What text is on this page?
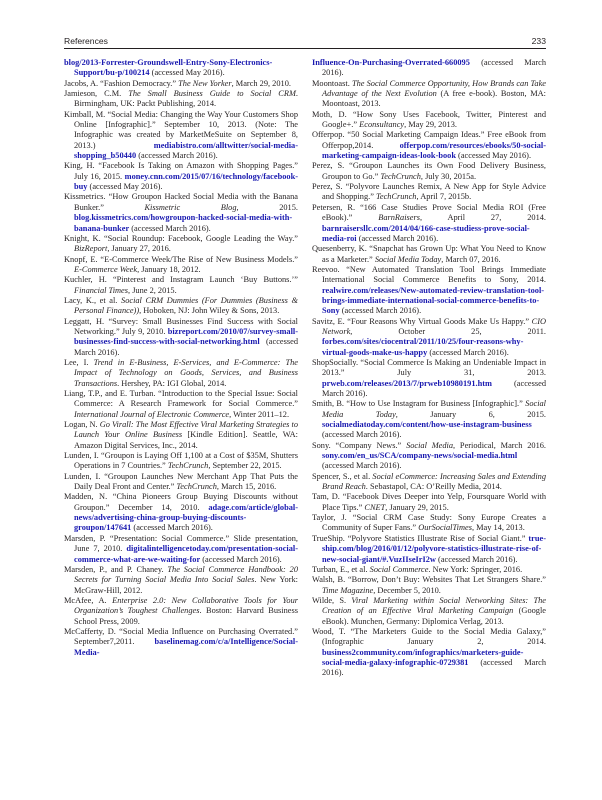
References	233

blog/2013-Forrester-Groundswell-Entry-Sony-Electronics-Support/bu-p/100214 (accessed May 2016).

Jacobs, A. “Fashion Democracy.” The New Yorker, March 29, 2010.

Jamieson, C.M. The Small Business Guide to Social CRM. Birmingham, UK: Packt Publishing, 2014.

Kimball, M. “Social Media: Changing the Way Your Customers Shop Online [Infographic].” September 10, 2013. (Note: The Infographic was created by MarketMeSuite on September 8, 2013.) mediabistro.com/alltwitter/social-media-shopping_b50440 (accessed March 2016).

King, H. “Facebook Is Taking on Amazon with Shopping Pages.” July 16, 2015. money.cnn.com/2015/07/16/technology/facebook-buy (accessed May 2016).

Kissmetrics. “How Groupon Hacked Social Media with the Banana Bunker.” Kissmetric Blog, 2015. blog.kissmetrics.com/howgroupon-hacked-social-media-with-banana-bunker (accessed March 2016).

Knight, K. “Social Roundup: Facebook, Google Leading the Way.” BizReport, January 27, 2016.

Knopf, E. “E-Commerce Week/The Rise of New Business Models.” E-Commerce Week, January 18, 2012.

Kuchler, H. “Pinterest and Instagram Launch ‘Buy Buttons.’” Financial Times, June 2, 2015.

Lacy, K., et al. Social CRM Dummies (For Dummies (Business & Personal Finance)), Hoboken, NJ: John Wiley & Sons, 2013.

Leggatt, H. “Survey: Small Businesses Find Success with Social Networking.” July 9, 2010. bizreport.com/2010/07/survey-small-businesses-find-success-with-social-networking.html (accessed March 2016).

Lee, I. Trend in E-Business, E-Services, and E-Commerce: The Impact of Technology on Goods, Services, and Business Transactions. Hershey, PA: IGI Global, 2014.

Liang, T.P., and E. Turban. “Introduction to the Special Issue: Social Commerce: A Research Framework for Social Commerce.” International Journal of Electronic Commerce, Winter 2011–12.

Logan, N. Go Virall: The Most Effective Viral Marketing Strategies to Launch Your Online Business [Kindle Edition]. Seattle, WA: Amazon Digital Services, Inc., 2014.

Lunden, I. “Groupon is Laying Off 1,100 at a Cost of $35M, Shutters Operations in 7 Countries.” TechCrunch, September 22, 2015.

Lunden, I. “Groupon Launches New Merchant App That Puts the Daily Deal Front and Center.” TechCrunch, March 15, 2016.

Madden, N. “China Pioneers Group Buying Discounts without Groupon.” December 14, 2010. adage.com/article/global-news/advertising-china-group-buying-discounts-groupon/147641 (accessed March 2016).

Marsden, P. “Presentation: Social Commerce.” Slide presentation, June 7, 2010. digitalintelligencetoday.com/presentation-social-commerce-what-are-we-waiting-for (accessed March 2016).

Marsden, P., and P. Chaney. The Social Commerce Handbook: 20 Secrets for Turning Social Media Into Social Sales. New York: McGraw-Hill, 2012.

McAfee, A. Enterprise 2.0: New Collaborative Tools for Your Organization’s Toughest Challenges. Boston: Harvard Business School Press, 2009.

McCafferty, D. “Social Media Influence on Purchasing Overrated.” September7,2011. baselinemag.com/c/a/Intelligence/Social-Media-

Influence-On-Purchasing-Overrated-660095 (accessed March 2016).

Moontoast. The Social Commerce Opportunity, How Brands can Take Advantage of the Next Evolution (A free e-book). Boston, MA: Moontoast, 2013.

Moth, D. “How Sony Uses Facebook, Twitter, Pinterest and Google+.” Econsultancy, May 29, 2013.

Offerpop. “50 Social Marketing Campaign Ideas.” Free eBook from Offerpop,2014. offerpop.com/resources/ebooks/50-social-marketing-campaign-ideas-look-book (accessed May 2016).

Perez, S. “Groupon Launches its Own Food Delivery Business, Groupon to Go.” TechCrunch, July 30, 2015a.

Perez, S. “Polyvore Launches Remix, A New App for Style Advice and Shopping.” TechCrunch, April 7, 2015b.

Petersen, R. “166 Case Studies Prove Social Media ROI (Free eBook).” BarnRaisers, April 27, 2014. barnraisersllc.com/2014/04/166-case-studiess-prove-social-media-roi (accessed March 2016).

Quesenberry, K. “Snapchat has Grown Up: What You Need to Know as a Marketer.” Social Media Today, March 07, 2016.

Reevoo. “New Automated Translation Tool Brings Immediate International Social Commerce Benefits to Sony, 2014. realwire.com/releases/New-automated-review-translation-tool-brings-immediate-international-social-commerce-benefits-to-Sony (accessed March 2016).

Savitz, E. “Four Reasons Why Virtual Goods Make Us Happy.” CIO Network, October 25, 2011. forbes.com/sites/ciocentral/2011/10/25/four-reasons-why-virtual-goods-make-us-happy (accessed March 2016).

ShopSocially. “Social Commerce Is Making an Undeniable Impact in 2013.” July 31, 2013. prweb.com/releases/2013/7/prweb10980191.htm (accessed March 2016).

Smith, B. “How to Use Instagram for Business [Infographic].” Social Media Today, January 6, 2015. socialmediatoday.com/content/how-use-instagram-business (accessed March 2016).

Sony. “Company News.” Social Media, Periodical, March 2016. sony.com/en_us/SCA/company-news/social-media.html (accessed March 2016).

Spencer, S., et al. Social eCommerce: Increasing Sales and Extending Brand Reach. Sebastapol, CA: O’Reilly Media, 2014.

Tam, D. “Facebook Dives Deeper into Yelp, Foursquare World with Place Tips.” CNET, January 29, 2015.

Taylor, J. “Social CRM Case Study: Sony Europe Creates a Community of Super Fans.” OurSocialTimes, May 14, 2013.

TrueShip. “Polyvore Statistics Illustrate Rise of Social Giant.” true-ship.com/blog/2016/01/12/polyvore-statistics-illustrate-rise-of-new-social-giant/#.VuzIIseIrI2w (accessed March 2016).

Turban, E., et al. Social Commerce. New York: Springer, 2016.

Walsh, B. “Borrow, Don’t Buy: Websites That Let Strangers Share.” Time Magazine, December 5, 2010.

Wilde, S. Viral Marketing within Social Networking Sites: The Creation of an Effective Viral Marketing Campaign (Google eBook). Munchen, Germany: Diplomica Verlag, 2013.

Wood, T. “The Marketers Guide to the Social Media Galaxy,” (Infographic January 2, 2014. business2community.com/infographics/marketers-guide-social-media-galaxy-infographic-0729381 (accessed March 2016).
